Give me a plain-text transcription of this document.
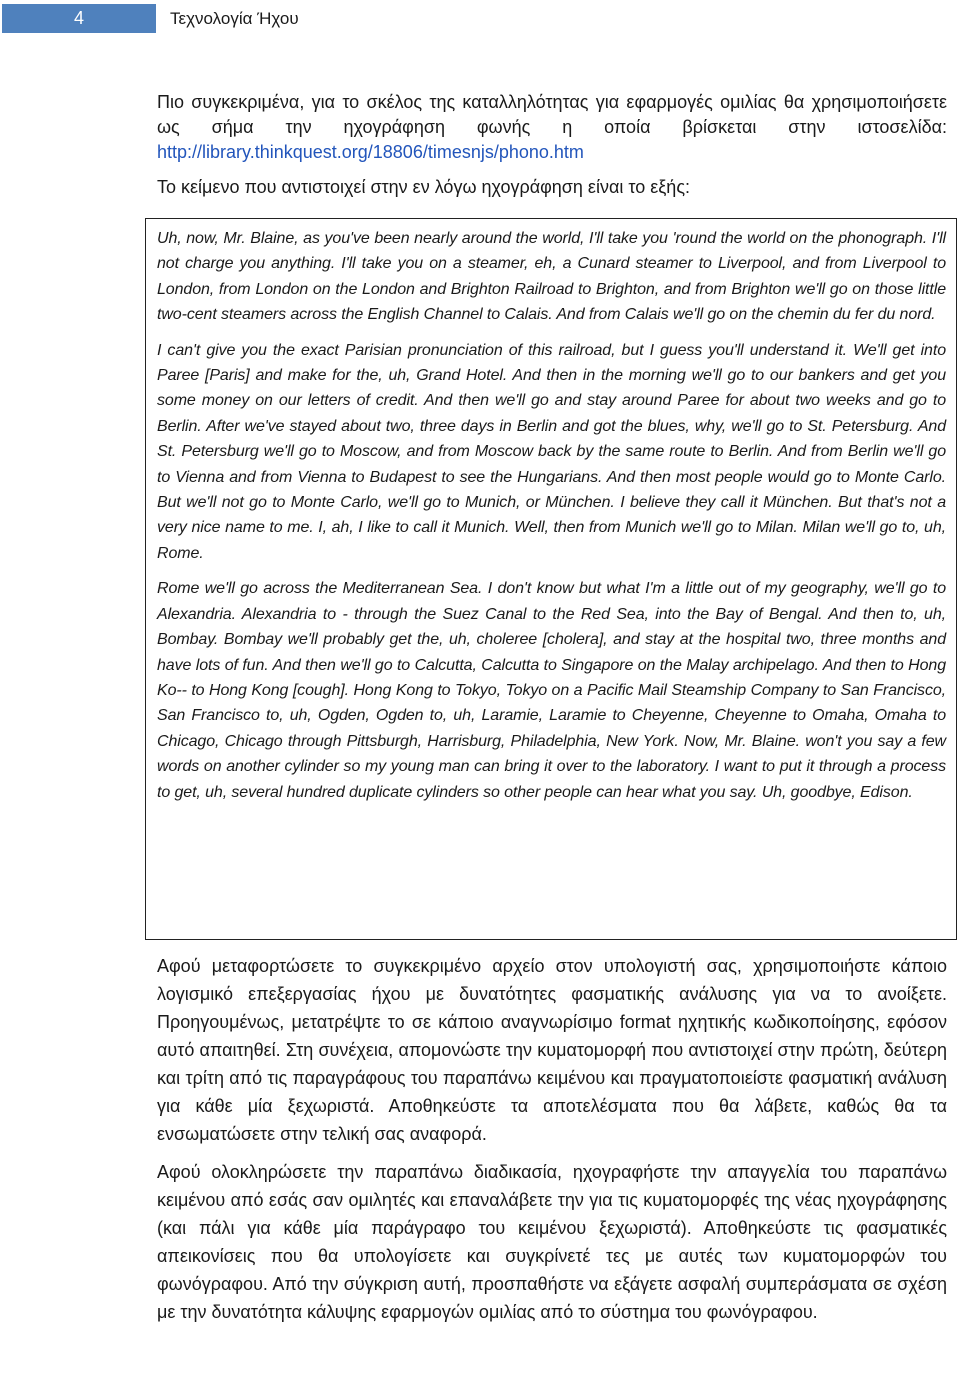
4	Τεχνολογία Ήχου

Πιο συγκεκριμένα, για το σκέλος της καταλληλότητας για εφαρμογές ομιλίας θα χρησιμοποιήσετε ως σήμα την ηχογράφηση φωνής η οποία βρίσκεται στην ιστοσελίδα: http://library.thinkquest.org/18806/timesnjs/phono.htm

Το κείμενο που αντιστοιχεί στην εν λόγω ηχογράφηση είναι το εξής:

Uh, now, Mr. Blaine, as you've been nearly around the world, I'll take you 'round the world on the phonograph. I'll not charge you anything. I'll take you on a steamer, eh, a Cunard steamer to Liverpool, and from Liverpool to London, from London on the London and Brighton Railroad to Brighton, and from Brighton we'll go on those little two-cent steamers across the English Channel to Calais. And from Calais we'll go on the chemin du fer du nord.

I can't give you the exact Parisian pronunciation of this railroad, but I guess you'll understand it. We'll get into Paree [Paris] and make for the, uh, Grand Hotel. And then in the morning we'll go to our bankers and get you some money on our letters of credit. And then we'll go and stay around Paree for about two weeks and go to Berlin. After we've stayed about two, three days in Berlin and got the blues, why, we'll go to St. Petersburg. And St. Petersburg we'll go to Moscow, and from Moscow back by the same route to Berlin. And from Berlin we'll go to Vienna and from Vienna to Budapest to see the Hungarians. And then most people would go to Monte Carlo. But we'll not go to Monte Carlo, we'll go to Munich, or München. I believe they call it München. But that's not a very nice name to me. I, ah, I like to call it Munich. Well, then from Munich we'll go to Milan. Milan we'll go to, uh, Rome.

Rome we'll go across the Mediterranean Sea. I don't know but what I'm a little out of my geography, we'll go to Alexandria. Alexandria to - through the Suez Canal to the Red Sea, into the Bay of Bengal. And then to, uh, Bombay. Bombay we'll probably get the, uh, choleree [cholera], and stay at the hospital two, three months and have lots of fun. And then we'll go to Calcutta, Calcutta to Singapore on the Malay archipelago. And then to Hong Ko-- to Hong Kong [cough]. Hong Kong to Tokyo, Tokyo on a Pacific Mail Steamship Company to San Francisco, San Francisco to, uh, Ogden, Ogden to, uh, Laramie, Laramie to Cheyenne, Cheyenne to Omaha, Omaha to Chicago, Chicago through Pittsburgh, Harrisburg, Philadelphia, New York. Now, Mr. Blaine. won't you say a few words on another cylinder so my young man can bring it over to the laboratory. I want to put it through a process to get, uh, several hundred duplicate cylinders so other people can hear what you say. Uh, goodbye, Edison.

Αφού μεταφορτώσετε το συγκεκριμένο αρχείο στον υπολογιστή σας, χρησιμοποιήστε κάποιο λογισμικό επεξεργασίας ήχου με δυνατότητες φασματικής ανάλυσης για να το ανοίξετε. Προηγουμένως, μετατρέψτε το σε κάποιο αναγνωρίσιμο format ηχητικής κωδικοποίησης, εφόσον αυτό απαιτηθεί. Στη συνέχεια, απομονώστε την κυματομορφή που αντιστοιχεί στην πρώτη, δεύτερη και τρίτη από τις παραγράφους του παραπάνω κειμένου και πραγματοποιείστε φασματική ανάλυση για κάθε μία ξεχωριστά. Αποθηκεύστε τα αποτελέσματα που θα λάβετε, καθώς θα τα ενσωματώσετε στην τελική σας αναφορά.

Αφού ολοκληρώσετε την παραπάνω διαδικασία, ηχογραφήστε την απαγγελία του παραπάνω κειμένου από εσάς σαν ομιλητές και επαναλάβετε την για τις κυματομορφές της νέας ηχογράφησης (και πάλι για κάθε μία παράγραφο του κειμένου ξεχωριστά). Αποθηκεύστε τις φασματικές απεικονίσεις που θα υπολογίσετε και συγκρίνετέ τες με αυτές των κυματομορφών του φωνόγραφου. Από την σύγκριση αυτή, προσπαθήστε να εξάγετε ασφαλή συμπεράσματα σε σχέση με την δυνατότητα κάλυψης εφαρμογών ομιλίας από το σύστημα του φωνόγραφου.
